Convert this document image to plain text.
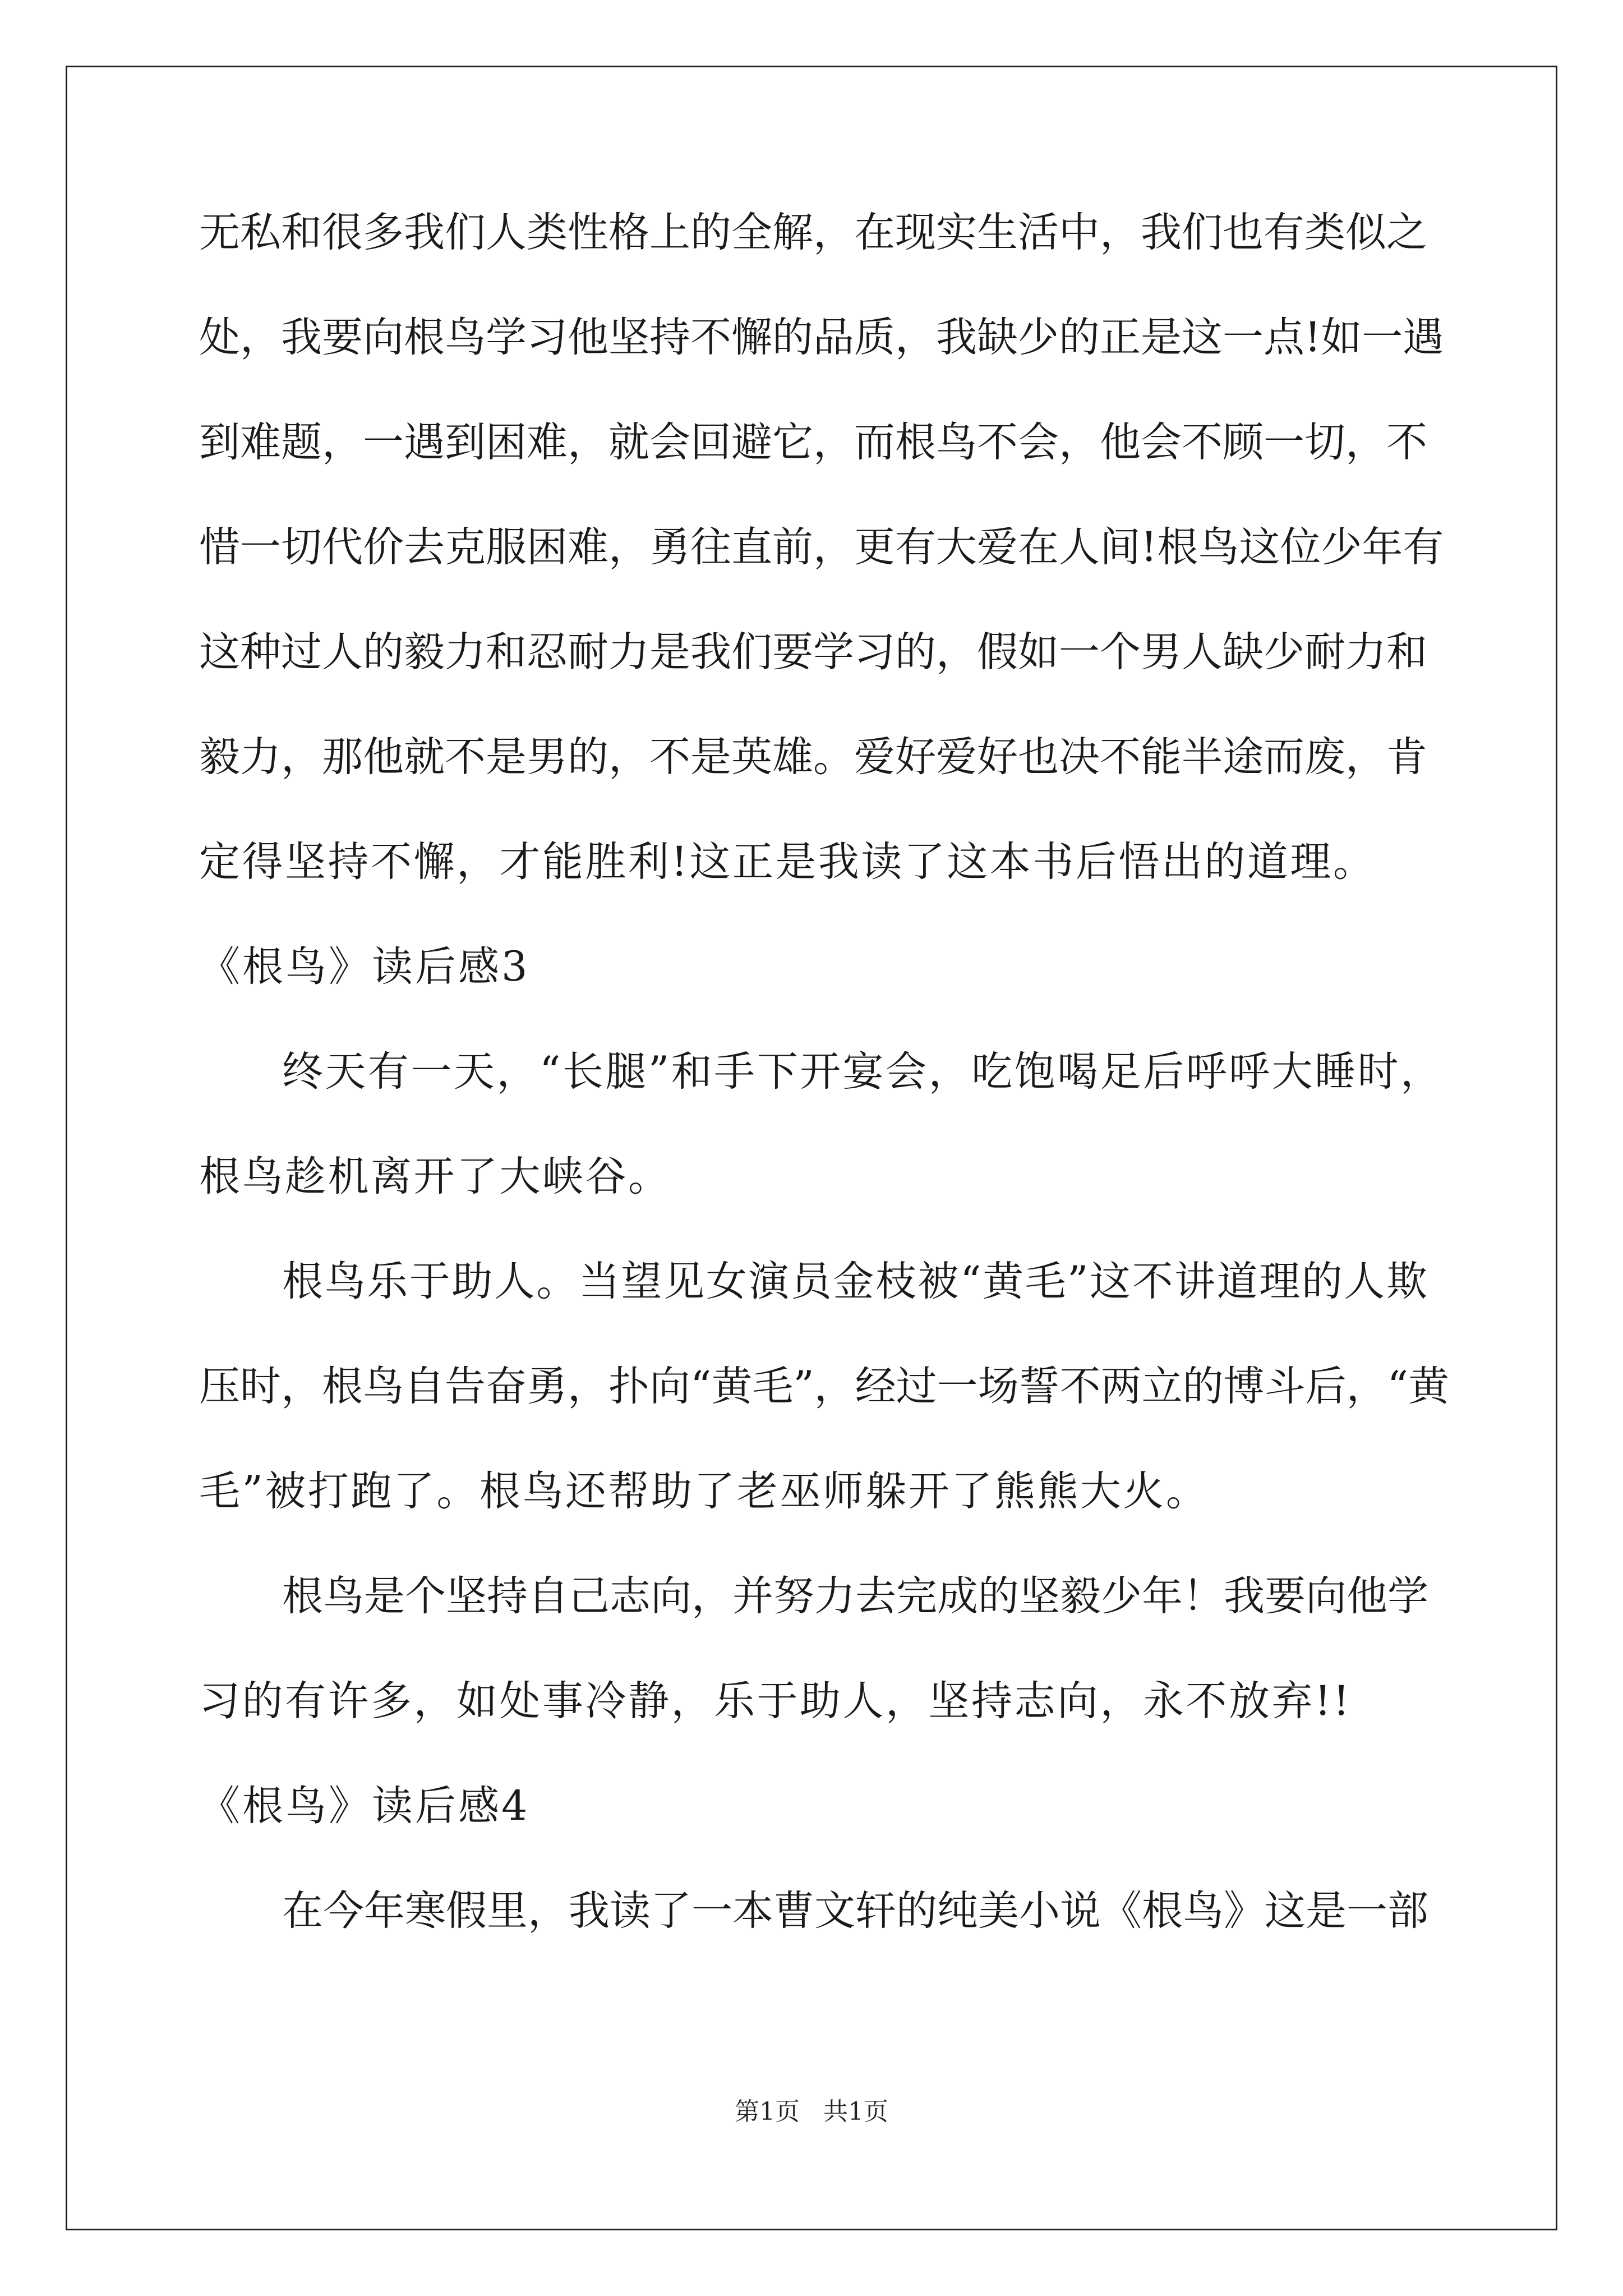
无私和很多我们人类性格上的全解，在现实生活中，我们也有类似之
处，我要向根鸟学习他坚持不懈的品质，我缺少的正是这一点!如一遇
到难题，一遇到困难，就会回避它，而根鸟不会，他会不顾一切，不
惜一切代价去克服困难，勇往直前，更有大爱在人间!根鸟这位少年有
这种过人的毅力和忍耐力是我们要学习的，假如一个男人缺少耐力和
毅力，那他就不是男的，不是英雄。爱好爱好也决不能半途而废，肯
定得坚持不懈，才能胜利!这正是我读了这本书后悟出的道理。
《根鸟》读后感3
终天有一天，“长腿”和手下开宴会，吃饱喝足后呼呼大睡时，
根鸟趁机离开了大峡谷。
根鸟乐于助人。当望见女演员金枝被“黄毛”这不讲道理的人欺
压时，根鸟自告奋勇，扑向“黄毛”，经过一场誓不两立的博斗后，“黄
毛”被打跑了。根鸟还帮助了老巫师躲开了熊熊大火。
根鸟是个坚持自己志向，并努力去完成的坚毅少年！我要向他学
习的有许多，如处事冷静，乐于助人，坚持志向，永不放弃!!
《根鸟》读后感4
在今年寒假里，我读了一本曹文轩的纯美小说《根鸟》这是一部
第1页 共1页
